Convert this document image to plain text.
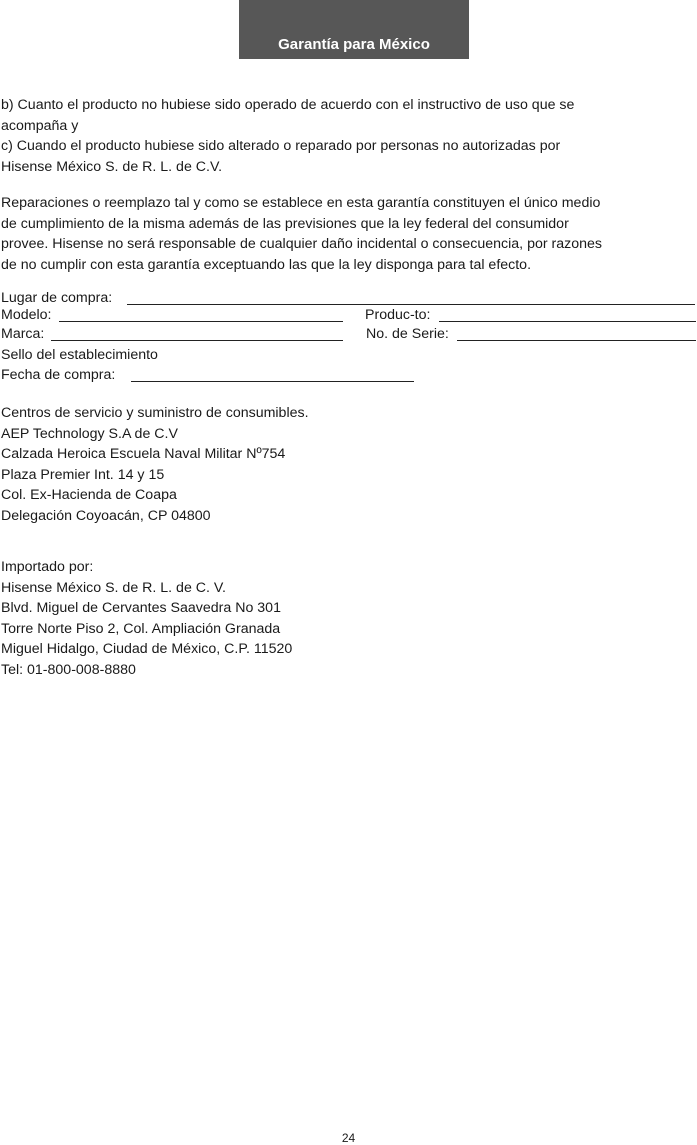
Garantía para México
b) Cuanto el producto no hubiese sido operado de acuerdo con el instructivo de uso que se
acompaña y
c) Cuando el producto hubiese sido alterado o reparado por personas no autorizadas por
Hisense México S. de R. L. de C.V.
Reparaciones o reemplazo tal y como se establece en esta garantía constituyen el único medio
de cumplimiento de la misma además de las previsiones que la ley federal del consumidor
provee. Hisense no será responsable de cualquier daño incidental o consecuencia, por razones
de no cumplir con esta garantía exceptuando las que la ley disponga para tal efecto.
Lugar de compra:
Modelo:	Produc-to:
Marca:	No. de Serie:
Sello del establecimiento
Fecha de compra:
Centros de servicio y suministro de consumibles.
AEP Technology S.A de C.V
Calzada Heroica Escuela Naval Militar Nº754
Plaza Premier Int. 14 y 15
Col. Ex-Hacienda de Coapa
Delegación Coyoacán, CP 04800
Importado por:
Hisense México S. de R. L. de C. V.
Blvd. Miguel de Cervantes Saavedra No 301
Torre Norte Piso 2, Col. Ampliación Granada
Miguel Hidalgo, Ciudad de México, C.P. 11520
Tel: 01-800-008-8880
24
